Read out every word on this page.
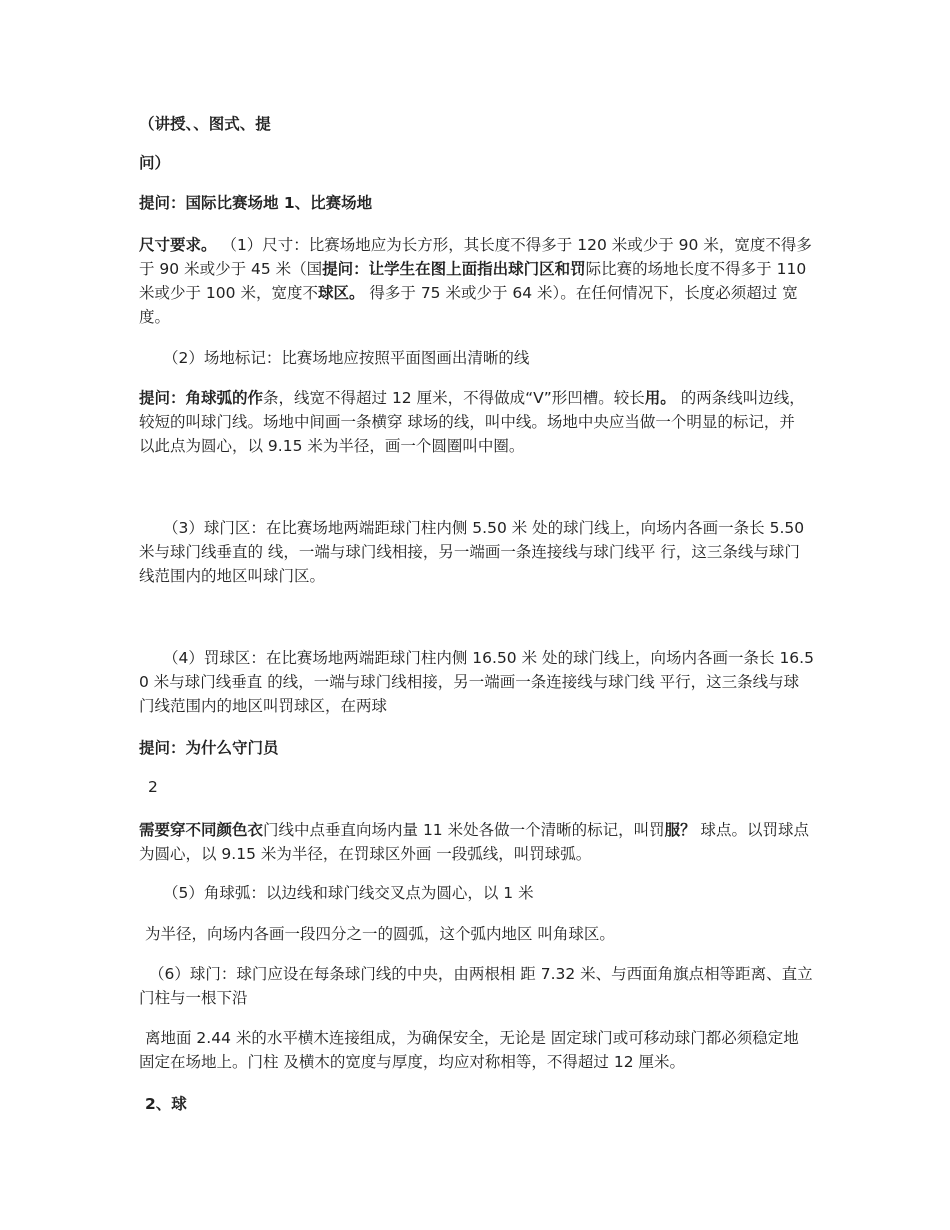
（讲授、、图式、提

问）

提问：国际比赛场地 1、比赛场地

尺寸要求。 （1）尺寸：比赛场地应为长方形，其长度不得多于 120 米或少于 90 米，宽度不得多于 90 米或少于 45 米（国提问：让学生在图上面指出球门区和罚际比赛的场地长度不得多于 110 米或少于 100 米，宽度不球区。 得多于 75 米或少于 64 米）。在任何情况下，长度必须超过 宽度。

（2）场地标记：比赛场地应按照平面图画出清晰的线

提问：角球弧的作条，线宽不得超过 12 厘米，不得做成“V”形凹槽。较长用。 的两条线叫边线，较短的叫球门线。场地中间画一条横穿 球场的线，叫中线。场地中央应当做一个明显的标记，并 以此点为圆心，以 9.15 米为半径，画一个圆圈叫中圈。

（3）球门区：在比赛场地两端距球门柱内侧 5.50 米 处的球门线上，向场内各画一条长 5.50 米与球门线垂直的 线，一端与球门线相接，另一端画一条连接线与球门线平 行，这三条线与球门线范围内的地区叫球门区。

（4）罚球区：在比赛场地两端距球门柱内侧 16.50 米 处的球门线上，向场内各画一条长 16.50 米与球门线垂直 的线，一端与球门线相接，另一端画一条连接线与球门线 平行，这三条线与球门线范围内的地区叫罚球区，在两球

提问：为什么守门员

2

需要穿不同颜色衣门线中点垂直向场内量 11 米处各做一个清晰的标记，叫罚服？ 球点。以罚球点为圆心，以 9.15 米为半径，在罚球区外画 一段弧线，叫罚球弧。

（5）角球弧：以边线和球门线交叉点为圆心，以 1 米

为半径，向场内各画一段四分之一的圆弧，这个弧内地区 叫角球区。

（6）球门：球门应设在每条球门线的中央，由两根相 距 7.32 米、与西面角旗点相等距离、直立门柱与一根下沿

离地面 2.44 米的水平横木连接组成，为确保安全，无论是 固定球门或可移动球门都必须稳定地固定在场地上。门柱 及横木的宽度与厚度，均应对称相等，不得超过 12 厘米。

2、球
